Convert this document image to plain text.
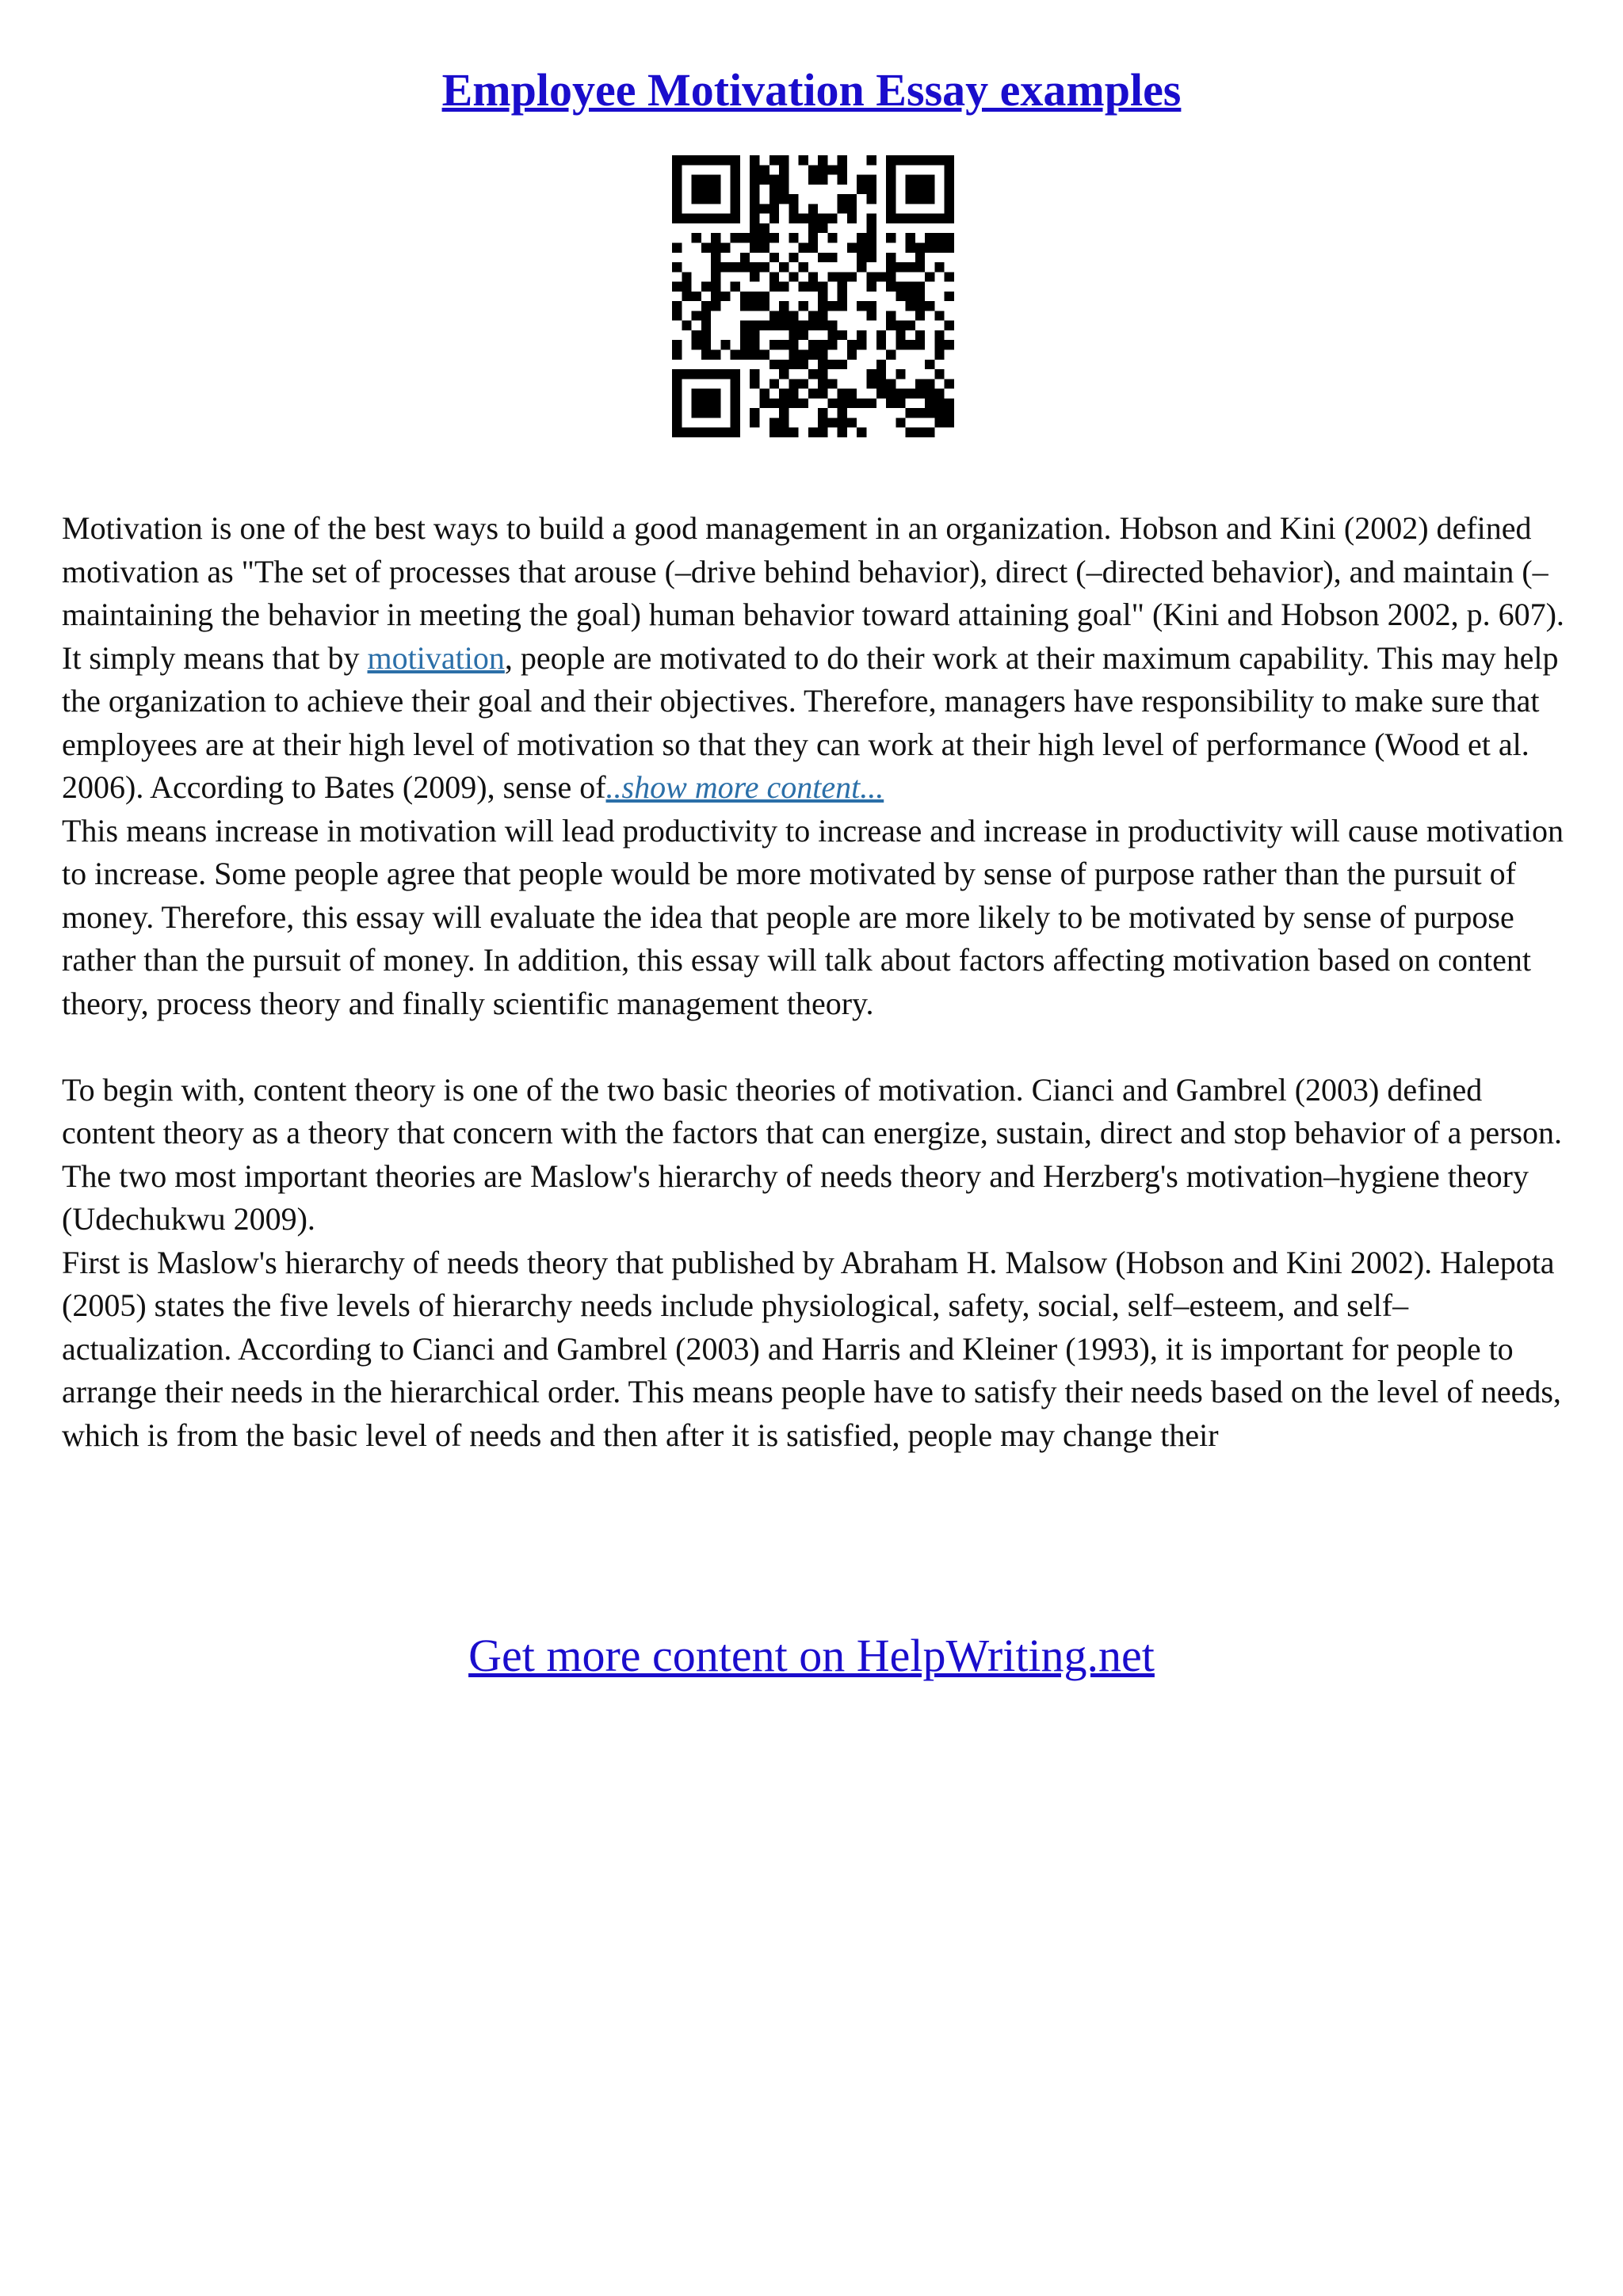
Employee Motivation Essay examples

Motivation is one of the best ways to build a good management in an organization. Hobson and Kini (2002) defined motivation as "The set of processes that arouse (–drive behind behavior), direct (–directed behavior), and maintain (–maintaining the behavior in meeting the goal) human behavior toward attaining goal" (Kini and Hobson 2002, p. 607). It simply means that by motivation, people are motivated to do their work at their maximum capability. This may help the organization to achieve their goal and their objectives. Therefore, managers have responsibility to make sure that employees are at their high level of motivation so that they can work at their high level of performance (Wood et al. 2006). According to Bates (2009), sense of..show more content...

This means increase in motivation will lead productivity to increase and increase in productivity will cause motivation to increase. Some people agree that people would be more motivated by sense of purpose rather than the pursuit of money. Therefore, this essay will evaluate the idea that people are more likely to be motivated by sense of purpose rather than the pursuit of money. In addition, this essay will talk about factors affecting motivation based on content theory, process theory and finally scientific management theory.

To begin with, content theory is one of the two basic theories of motivation. Cianci and Gambrel (2003) defined content theory as a theory that concern with the factors that can energize, sustain, direct and stop behavior of a person. The two most important theories are Maslow's hierarchy of needs theory and Herzberg's motivation–hygiene theory (Udechukwu 2009).

First is Maslow's hierarchy of needs theory that published by Abraham H. Malsow (Hobson and Kini 2002). Halepota (2005) states the five levels of hierarchy needs include physiological, safety, social, self–esteem, and self–actualization. According to Cianci and Gambrel (2003) and Harris and Kleiner (1993), it is important for people to arrange their needs in the hierarchical order. This means people have to satisfy their needs based on the level of needs, which is from the basic level of needs and then after it is satisfied, people may change their

Get more content on HelpWriting.net
